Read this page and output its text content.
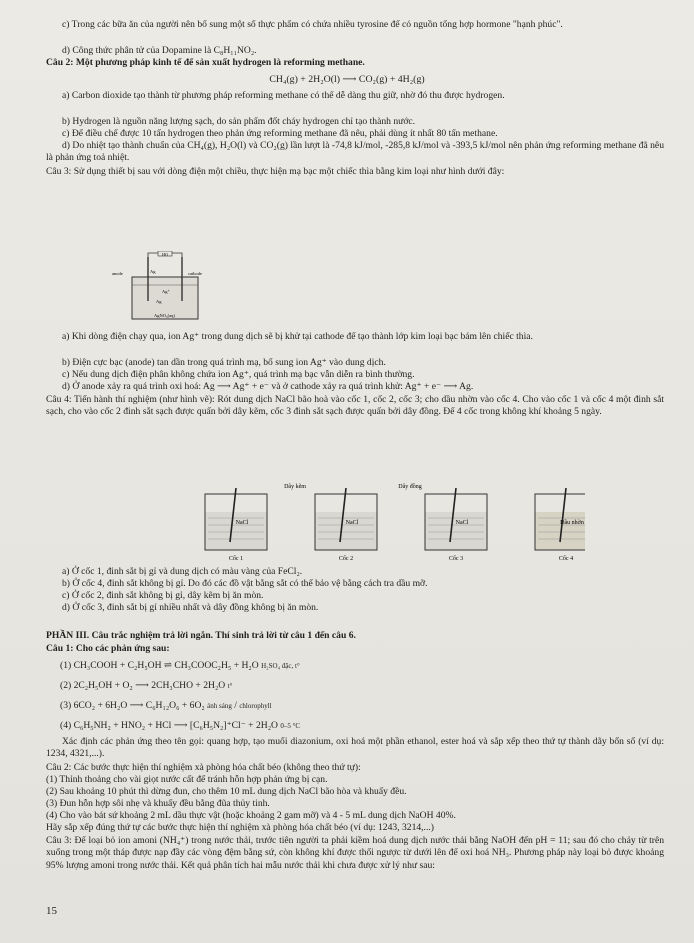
c) Trong các bữa ăn của người nên bổ sung một số thực phẩm có chứa nhiều tyrosine để có nguồn tổng hợp hormone "hạnh phúc".

d) Công thức phân tử của Dopamine là C₈H₁₁NO₂.

Câu 2: Một phương pháp kinh tế để sản xuất hydrogen là reforming methane.

CH₄(g) + 2H₂O(l) ⟶ CO₂(g) + 4H₂(g)

a) Carbon dioxide tạo thành từ phương pháp reforming methane có thể dễ dàng thu giữ, nhờ đó thu được hydrogen.

b) Hydrogen là nguồn năng lượng sạch, do sản phẩm đốt cháy hydrogen chỉ tạo thành nước.

c) Để điều chế được 10 tấn hydrogen theo phản ứng reforming methane đã nêu, phải dùng ít nhất 80 tấn methane.

d) Do nhiệt tạo thành chuẩn của CH₄(g), H₂O(l) và CO₂(g) lần lượt là -74,8 kJ/mol, -285,8 kJ/mol và -393,5 kJ/mol nên phản ứng reforming methane đã nêu là phản ứng toả nhiệt.

Câu 3: Sử dụng thiết bị sau với dòng điện một chiều, thực hiện mạ bạc một chiếc thìa bằng kim loại như hình dưới đây:

HO
Ag
anode	cathode
Ag⁺
Ag
AgNO₃(aq)

a) Khi dòng điện chạy qua, ion Ag⁺ trong dung dịch sẽ bị khử tại cathode để tạo thành lớp kim loại bạc bám lên chiếc thìa.

b) Điện cực bạc (anode) tan dần trong quá trình mạ, bổ sung ion Ag⁺ vào dung dịch.

c) Nếu dung dịch điện phân không chứa ion Ag⁺, quá trình mạ bạc vẫn diễn ra bình thường.

d) Ở anode xảy ra quá trình oxi hoá: Ag ⟶ Ag⁺ + e⁻ và ở cathode xảy ra quá trình khử: Ag⁺ + e⁻ ⟶ Ag.

Câu 4: Tiến hành thí nghiệm (như hình vẽ): Rót dung dịch NaCl bão hoà vào cốc 1, cốc 2, cốc 3; cho dầu nhờn vào cốc 4. Cho vào cốc 1 và cốc 4 một đinh sắt sạch, cho vào cốc 2 đinh sắt sạch được quấn bởi dây kẽm, cốc 3 đinh sắt sạch được quấn bởi dây đồng. Để 4 cốc trong không khí khoảng 5 ngày.

Dây kẽm	Dây đồng
NaCl
Cốc 1
NaCl
Cốc 2
NaCl
Cốc 3
Dầu nhờn
Cốc 4

a) Ở cốc 1, đinh sắt bị gỉ và dung dịch có màu vàng của FeCl₂.

b) Ở cốc 4, đinh sắt không bị gỉ. Do đó các đồ vật bằng sắt có thể bảo vệ bằng cách tra dầu mỡ.

c) Ở cốc 2, đinh sắt không bị gỉ, dây kẽm bị ăn mòn.

d) Ở cốc 3, đinh sắt bị gỉ nhiều nhất và dây đồng không bị ăn mòn.

PHẦN III. Câu trắc nghiệm trả lời ngắn. Thí sinh trả lời từ câu 1 đến câu 6.

Câu 1: Cho các phản ứng sau:

(1) CH₃COOH + C₂H₅OH ⇌ CH₃COOC₂H₅ + H₂O H₂SO₄ đặc, t°

(2) 2C₂H₅OH + O₂ ⟶ 2CH₃CHO + 2H₂O t°

(3) 6CO₂ + 6H₂O ⟶ C₆H₁₂O₆ + 6O₂ ánh sáng / chlorophyll

(4) C₆H₅NH₂ + HNO₂ + HCl ⟶ [C₆H₅N₂]⁺Cl⁻ + 2H₂O 0–5 °C

Xác định các phản ứng theo tên gọi: quang hợp, tạo muối diazonium, oxi hoá một phần ethanol, ester hoá và sắp xếp theo thứ tự thành dãy bốn số (ví dụ: 1234, 4321,...).

Câu 2: Các bước thực hiện thí nghiệm xà phòng hóa chất béo (không theo thứ tự):

(1) Thỉnh thoảng cho vài giọt nước cất để tránh hỗn hợp phản ứng bị cạn.

(2) Sau khoảng 10 phút thì dừng đun, cho thêm 10 mL dung dịch NaCl bão hòa và khuấy đều.

(3) Đun hỗn hợp sôi nhẹ và khuấy đều bằng đũa thủy tinh.

(4) Cho vào bát sứ khoảng 2 mL dầu thực vật (hoặc khoảng 2 gam mỡ) và 4 - 5 mL dung dịch NaOH 40%.

Hãy sắp xếp đúng thứ tự các bước thực hiện thí nghiệm xà phòng hóa chất béo (ví dụ: 1243, 3214,...)

Câu 3: Để loại bỏ ion amoni (NH₄⁺) trong nước thải, trước tiên người ta phải kiềm hoá dung dịch nước thải bằng NaOH đến pH = 11; sau đó cho chảy từ trên xuống trong một tháp được nạp đầy các vòng đệm bằng sứ, còn không khí được thổi ngược từ dưới lên để oxi hoá NH₃. Phương pháp này loại bỏ được khoảng 95% lượng amoni trong nước thải. Kết quả phân tích hai mẫu nước thải khi chưa được xử lý như sau:

15
